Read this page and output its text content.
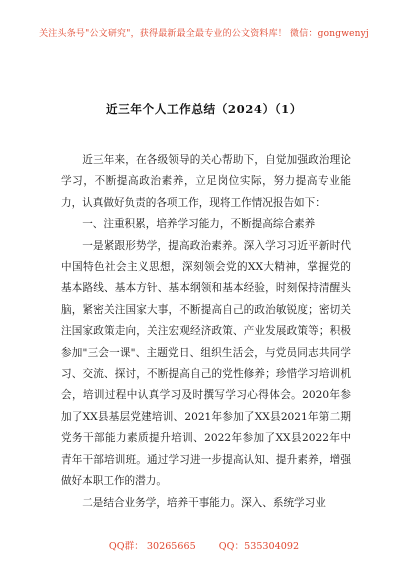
关注头条号"公文研究"，获得最新最全最专业的公文资料库！ 微信：gongwenyj
近三年个人工作总结（2024）（1）

近三年来，在各级领导的关心帮助下，自觉加强政治理论学习，不断提高政治素养，立足岗位实际，努力提高专业能力，认真做好负责的各项工作，现将工作情况报告如下：

一、注重积累，培养学习能力，不断提高综合素养

一是紧跟形势学，提高政治素养。深入学习习近平新时代中国特色社会主义思想，深刻领会党的XX大精神，掌握党的基本路线、基本方针、基本纲领和基本经验，时刻保持清醒头脑，紧密关注国家大事，不断提高自己的政治敏锐度；密切关注国家政策走向，关注宏观经济政策、产业发展政策等；积极参加"三会一课"、主题党日、组织生活会，与党员同志共同学习、交流、探讨，不断提高自己的党性修养；珍惜学习培训机会，培训过程中认真学习及时撰写学习心得体会。2020年参加了XX县基层党建培训、2021年参加了XX县2021年第二期党务干部能力素质提升培训、2022年参加了XX县2022年中青年干部培训班。通过学习进一步提高认知、提升素养，增强做好本职工作的潜力。

二是结合业务学，培养干事能力。深入、系统学习业

QQ群： 30265665 QQ：535304092
